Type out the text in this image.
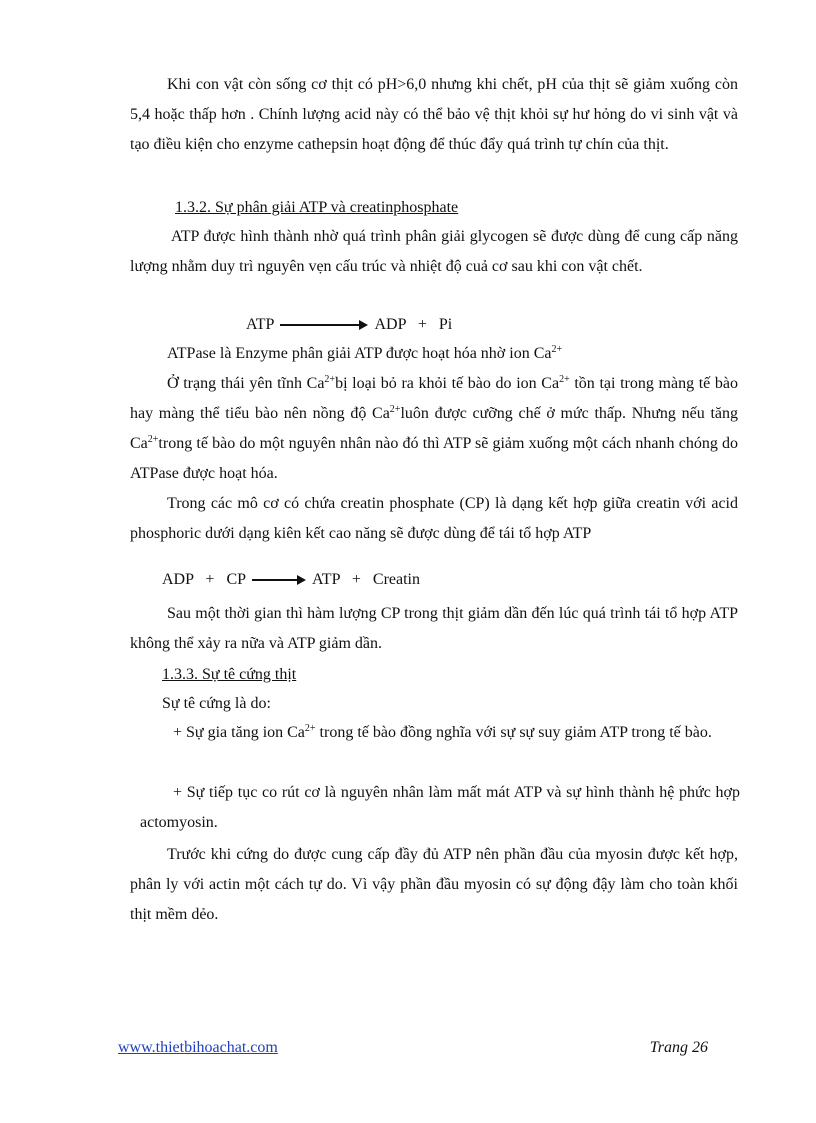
Khi con vật còn sống cơ thịt có pH>6,0 nhưng khi chết, pH của thịt sẽ giảm xuống còn 5,4 hoặc thấp hơn . Chính lượng acid này có thể bảo vệ thịt khỏi sự hư hỏng do vi sinh vật và tạo điều kiện cho enzyme cathepsin hoạt động để thúc đẩy quá trình tự chín của thịt.

1.3.2. Sự phân giải ATP và creatinphosphate

ATP được hình thành nhờ quá trình phân giải glycogen sẽ được dùng để cung cấp năng lượng nhằm duy trì nguyên vẹn cấu trúc và nhiệt độ cuả cơ sau khi con vật chết.

ATP	ADP   +   Pi

ATPase là Enzyme phân giải ATP được hoạt hóa nhờ ion $Ca^{2+}$

Ở trạng thái yên tĩnh $Ca^{2+}bị$ loại bỏ ra khỏi tế bào do ion $Ca^{2+}$ tồn tại trong màng tế bào hay màng thể tiểu bào nên nồng độ $Ca^{2+}luôn$ được cưỡng chế ở mức thấp. Nhưng nếu tăng $Ca^{2+}trong$ tế bào do một nguyên nhân nào đó thì ATP sẽ giảm xuống một cách nhanh chóng do ATPase được hoạt hóa.

Trong các mô cơ có chứa creatin phosphate (CP) là dạng kết hợp giữa creatin với acid phosphoric dưới dạng kiên kết cao năng sẽ được dùng để tái tổ hợp ATP

ADP   +   CP	ATP   +   Creatin

Sau một thời gian thì hàm lượng CP trong thịt giảm dần đến lúc quá trình tái tổ hợp ATP không thể xảy ra nữa và ATP giảm dần.

1.3.3. Sự tê cứng thịt

Sự tê cứng là do:

+ Sự gia tăng ion $Ca^{2+}$ trong tế bào đồng nghĩa với sự sự suy giảm ATP trong tế bào.

+ Sự tiếp tục co rút cơ là nguyên nhân làm mất mát ATP và sự hình thành hệ phức hợp actomyosin.

Trước khi cứng do được cung cấp đầy đủ ATP nên phần đầu của myosin được kết hợp, phân ly với actin một cách tự do. Vì vậy phần đầu myosin có sự động đậy làm cho toàn khối thịt mềm dẻo.

www.thietbihoachat.com	Trang 26
